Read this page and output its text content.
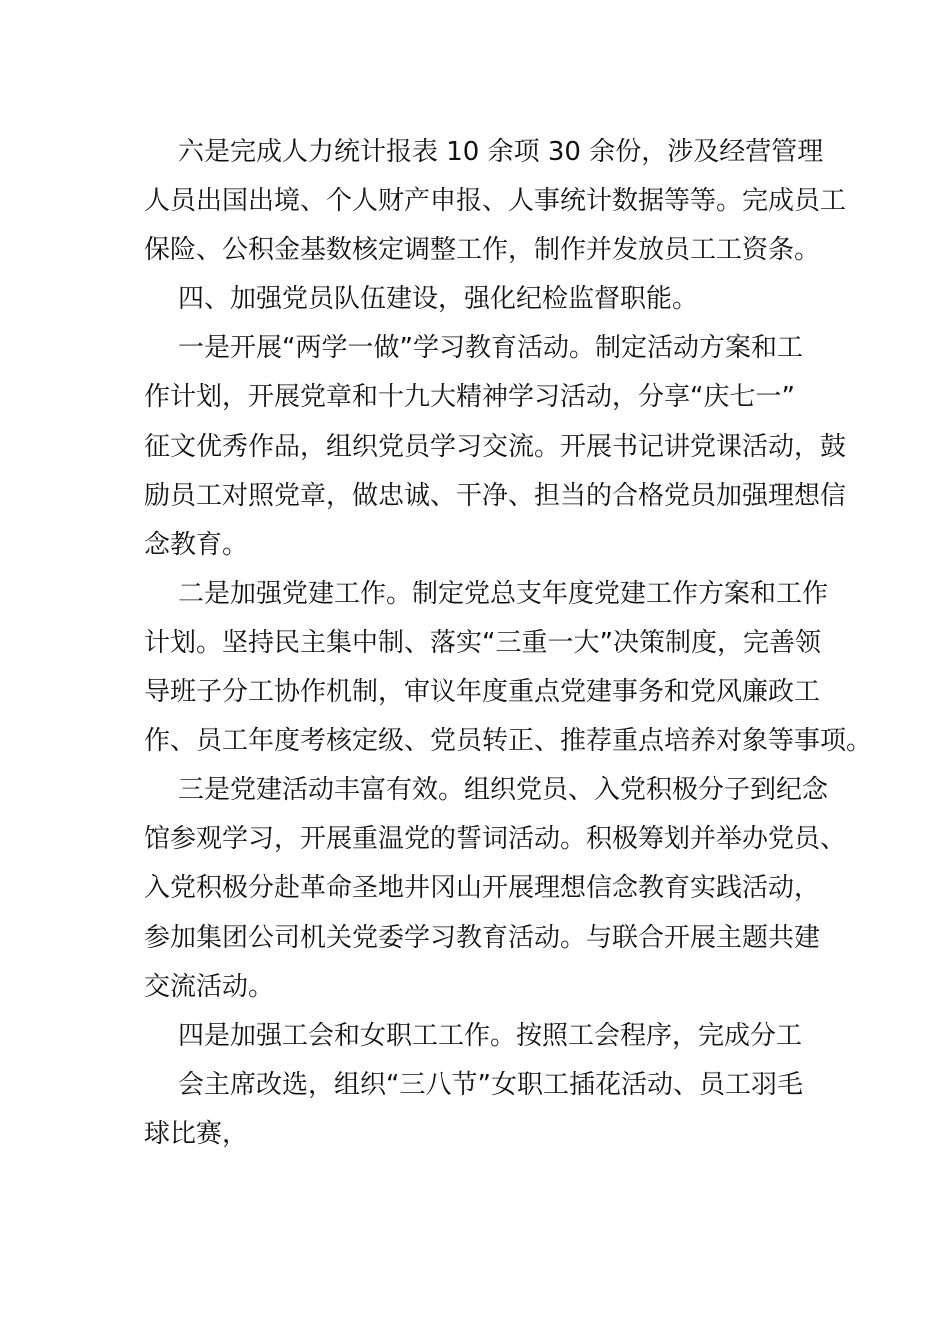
六是完成人力统计报表 10 余项 30 余份，涉及经营管理
人员出国出境、个人财产申报、人事统计数据等等。完成员工
保险、公积金基数核定调整工作，制作并发放员工工资条。
四、加强党员队伍建设，强化纪检监督职能。
一是开展“两学一做”学习教育活动。制定活动方案和工
作计划，开展党章和十九大精神学习活动，分享“庆七一”
征文优秀作品，组织党员学习交流。开展书记讲党课活动，鼓
励员工对照党章，做忠诚、干净、担当的合格党员加强理想信
念教育。
二是加强党建工作。制定党总支年度党建工作方案和工作
计划。坚持民主集中制、落实“三重一大”决策制度，完善领
导班子分工协作机制，审议年度重点党建事务和党风廉政工
作、员工年度考核定级、党员转正、推荐重点培养对象等事项。
三是党建活动丰富有效。组织党员、入党积极分子到纪念
馆参观学习，开展重温党的誓词活动。积极筹划并举办党员、
入党积极分赴革命圣地井冈山开展理想信念教育实践活动，
参加集团公司机关党委学习教育活动。与联合开展主题共建
交流活动。
四是加强工会和女职工工作。按照工会程序，完成分工
会主席改选，组织“三八节”女职工插花活动、员工羽毛
球比赛，
